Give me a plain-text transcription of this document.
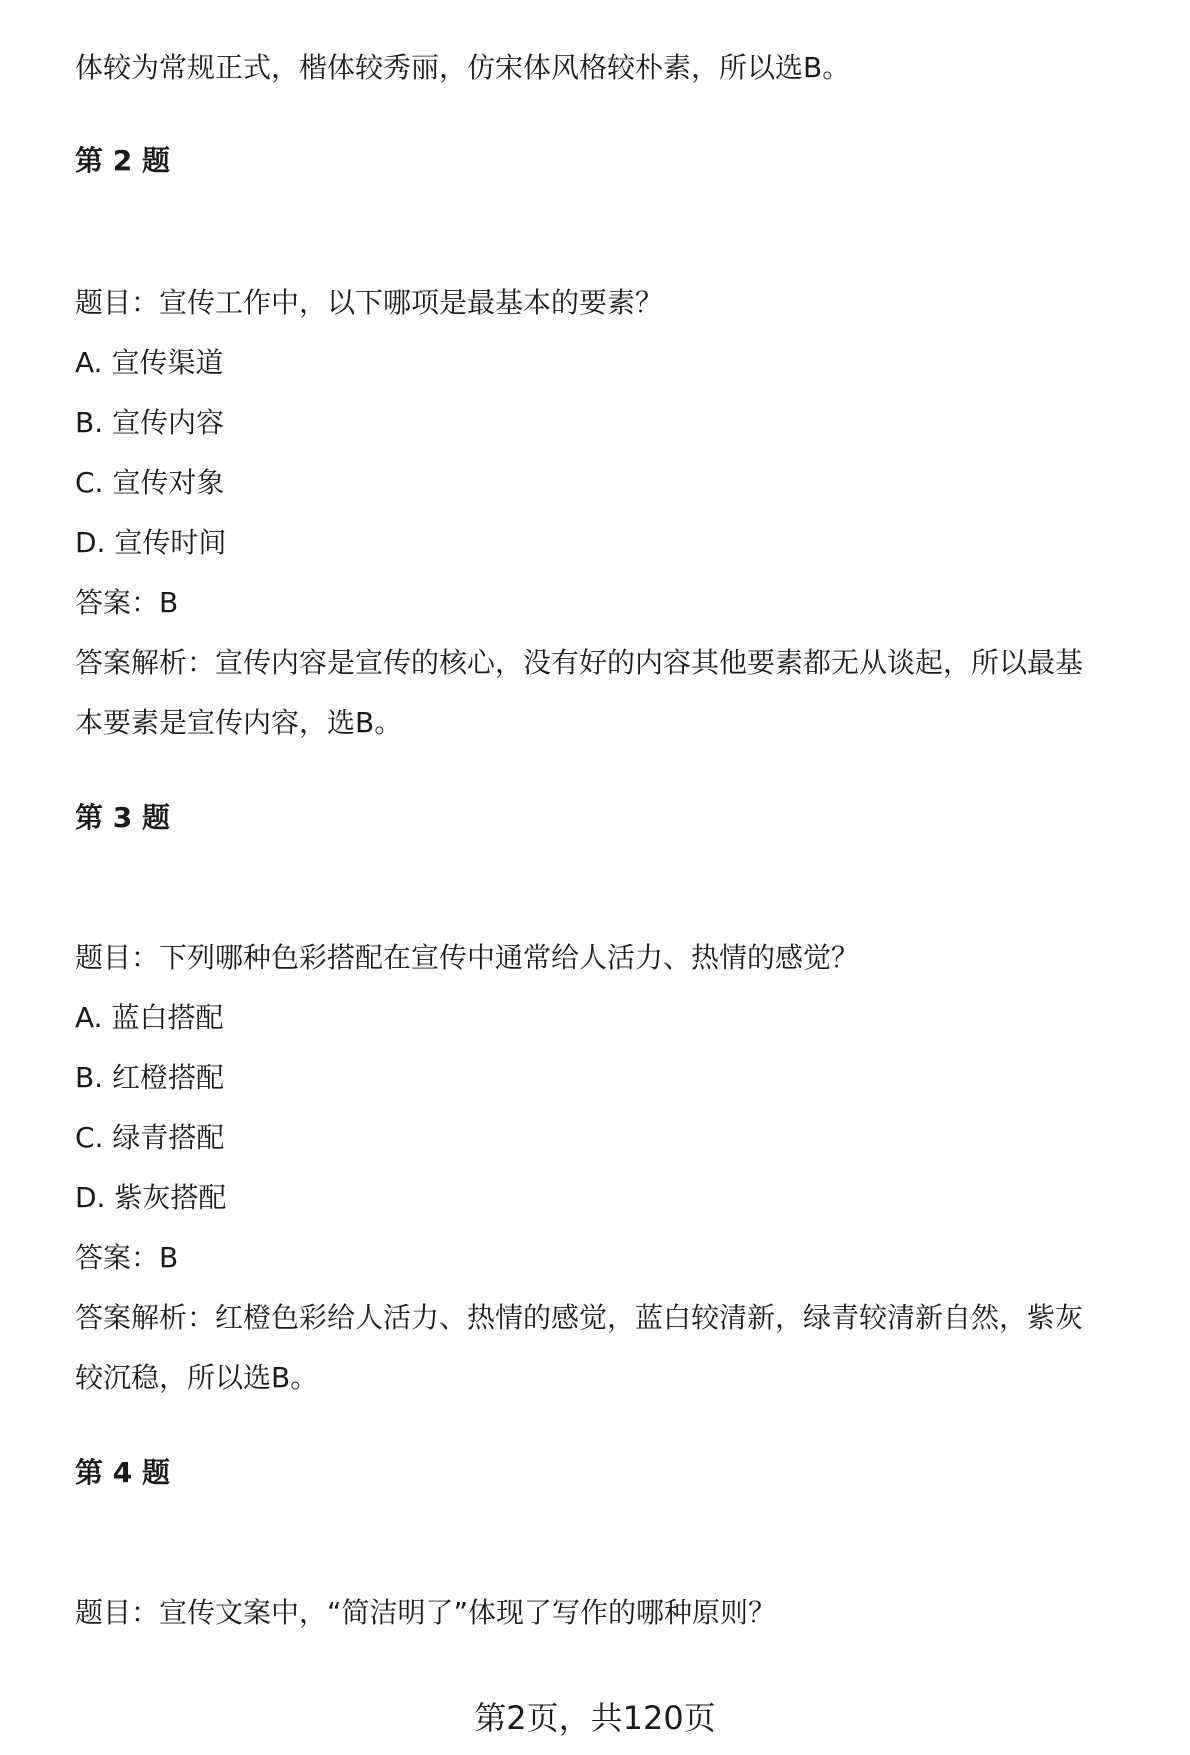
体较为常规正式，楷体较秀丽，仿宋体风格较朴素，所以选B。
第 2 题
题目：宣传工作中，以下哪项是最基本的要素？
A. 宣传渠道
B. 宣传内容
C. 宣传对象
D. 宣传时间
答案：B
答案解析：宣传内容是宣传的核心，没有好的内容其他要素都无从谈起，所以最基
本要素是宣传内容，选B。
第 3 题
题目：下列哪种色彩搭配在宣传中通常给人活力、热情的感觉？
A. 蓝白搭配
B. 红橙搭配
C. 绿青搭配
D. 紫灰搭配
答案：B
答案解析：红橙色彩给人活力、热情的感觉，蓝白较清新，绿青较清新自然，紫灰
较沉稳，所以选B。
第 4 题
题目：宣传文案中，“简洁明了”体现了写作的哪种原则？
第2页，共120页
